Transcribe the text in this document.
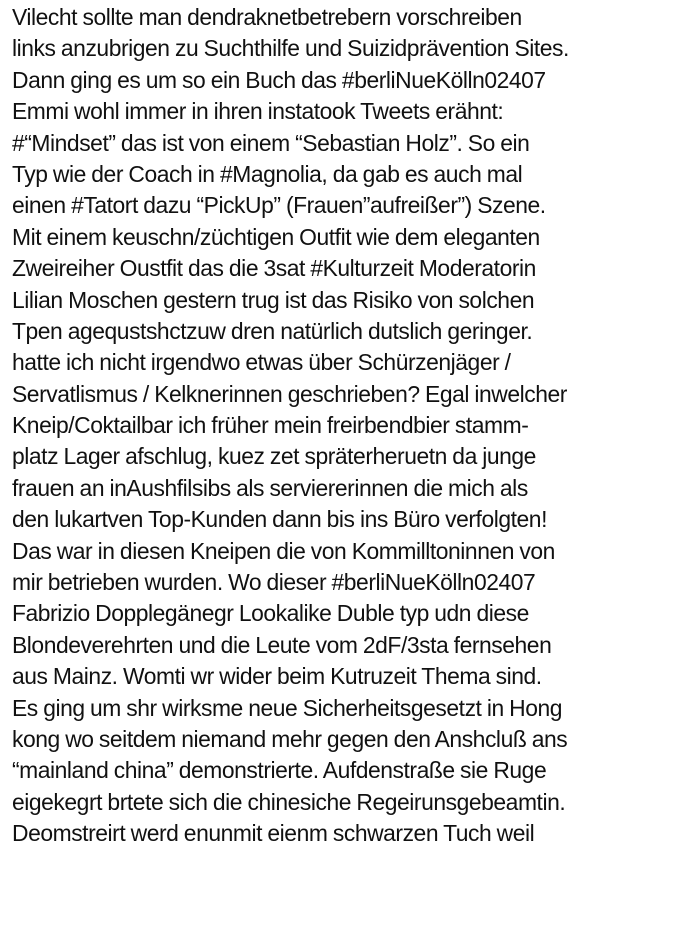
Vilecht sollte man dendraknetbetrebern vorschreiben
links anzubrigen zu Suchthilfe und Suizidprävention Sites.
Dann ging es um so ein Buch das #berliNueKölln02407
Emmi wohl immer in ihren instatook Tweets erähnt:
#“Mindset” das ist von einem “Sebastian Holz”. So ein
Typ wie der Coach in #Magnolia, da gab es auch mal
einen #Tatort dazu “PickUp” (Frauen”aufreißer”) Szene.
Mit einem keuschn/züchtigen Outfit wie dem eleganten
Zweireiher Oustfit das die 3sat #Kulturzeit Moderatorin
Lilian Moschen gestern trug ist das Risiko von solchen
Tpen agequstshctzuw dren natürlich dutslich geringer.
hatte ich nicht irgendwo etwas über Schürzenjäger /
Servatlismus / Kelknerinnen geschrieben? Egal inwelcher
Kneip/Coktailbar ich früher mein freirbendbier stamm-
platz Lager afschlug, kuez zet spräterheruetn da junge
frauen an inAushfilsibs als serviererinnen die mich als
den lukartven Top-Kunden dann bis ins Büro verfolgten!
Das war in diesen Kneipen die von Kommilltoninnen von
mir betrieben wurden. Wo dieser #berliNueKölln02407
Fabrizio Dopplegänegr Lookalike Duble typ udn diese
Blondeverehrten und die Leute vom 2dF/3sta fernsehen
aus Mainz. Womti wr wider beim Kutruzeit Thema sind.
Es ging um shr wirksme neue Sicherheitsgesetzt in Hong
kong wo seitdem niemand mehr gegen den Anshcluß ans
“mainland china” demonstrierte. Aufdenstraße sie Ruge
eigekegrt brtete sich die chinesiche Regeirunsgebeamtin.
Deomstreirt werd enunmit eienm schwarzen Tuch weil
